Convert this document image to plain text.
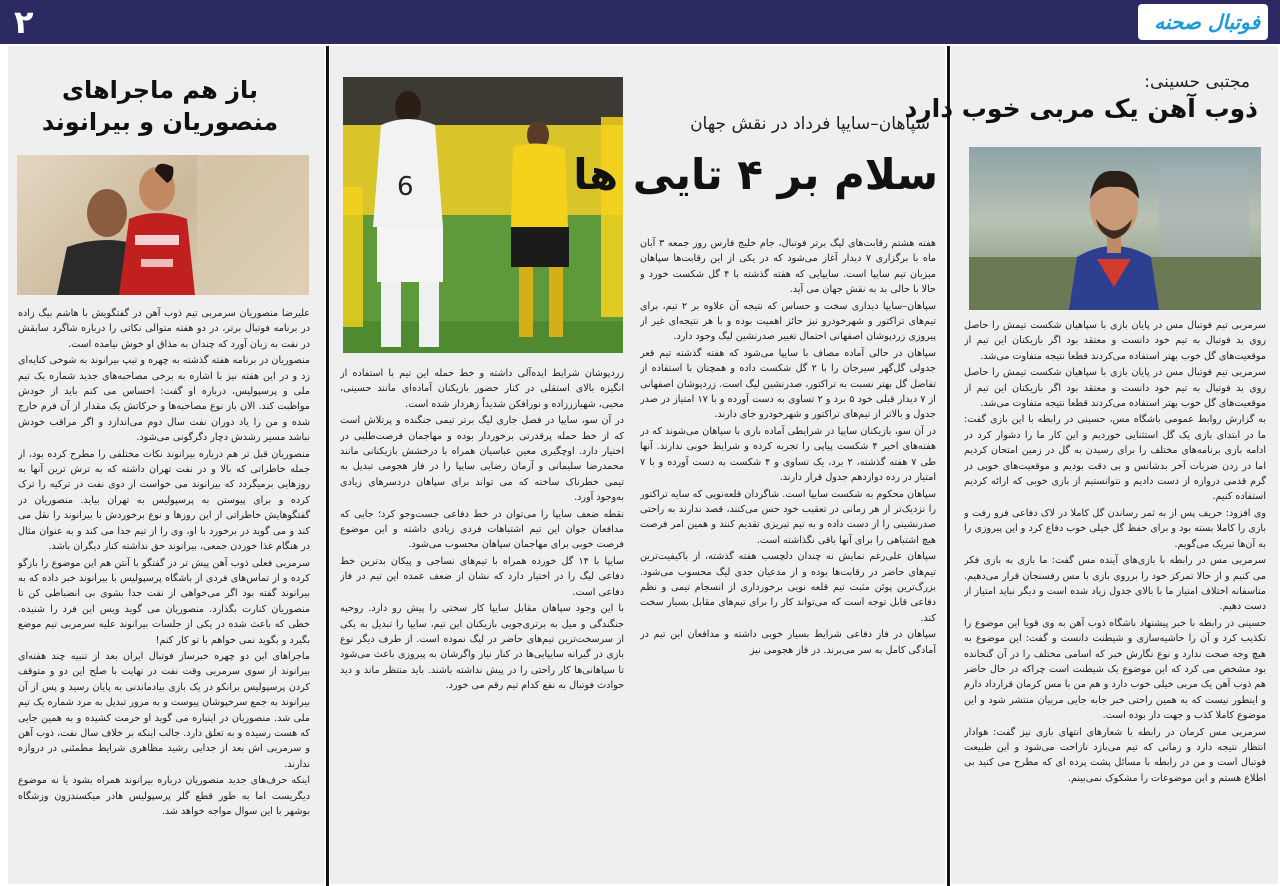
۲	فوتبال صحنه
مجتبی حسینی:
ذوب آهن یک مربی خوب دارد

سرمربی تیم فوتبال مس در پایان بازی با سپاهیان شکست تیمش را حاصل روی بد فوتبال به تیم خود دانست و معتقد بود اگر بازیکنان این تیم از موقعیت‌های گل خوب بهتر استفاده می‌کردند قطعا نتیجه متفاوت می‌شد.

سرمربی تیم فوتبال مس در پایان بازی با سپاهیان شکست تیمش را حاصل روی بد فوتبال به تیم خود دانست و معتقد بود اگر بازیکنان این تیم از موقعیت‌های گل خوب بهتر استفاده می‌کردند قطعا نتیجه متفاوت می‌شد.

به گزارش روابط عمومی باشگاه مس، حسینی در رابطه با این بازی گفت: ما در ابتدای بازی یک گل استثنایی خوردیم و این کار ما را دشوار کرد در ادامه بازی برنامه‌های مختلف را برای رسیدن به گل در زمین امتحان کردیم اما در زدن ضربات آخر بدشانس و بی دقت بودیم و موقعیت‌های خوبی در گرم قدمی دروازه از دست دادیم و نتوانستیم از بازی خوبی که ارائه کردیم استفاده کنیم.

وی افزود: حریف پس از به ثمر رساندن گل کاملا در لاک دفاعی فرو رفت و بازی را کاملا بسته بود و برای حفظ گل خیلی خوب دفاع کرد و این پیروزی را به آن‌ها تبریک می‌گویم.

سرمربی مس در رابطه با بازی‌های آینده مس گفت: ما بازی به بازی فکر می کنیم و از حالا تمرکز خود را برروی بازی با مس رفسنجان قرار می‌دهیم. متاسفانه اختلاف امتیاز ما با بالای جدول زیاد شده است و دیگر نباید امتیاز از دست دهیم.

حسینی در رابطه با خبر پیشنهاد باشگاه ذوب آهن به وی قویا این موضوع را تکذیب کرد و آن را حاشیه‌سازی و شیطنت دانست و گفت: این موضوع به هیچ وجه صحت ندارد و نوع نگارش خبر که اسامی مختلف را در آن گنجانده بود مشخص می کرد که این موضوع یک شیطنت است چراکه در حال حاضر هم ذوب آهن یک مربی خیلی خوب دارد و هم من با مس کرمان قرارداد دارم و اینطور نیست که به همین راحتی خبر جابه جایی مربیان منتشر شود و این موضوع کاملا کذب و جهت دار بوده است.

سرمربی مس کرمان در رابطه با شعارهای انتهای بازی نیز گفت: هوادار انتظار نتیجه دارد و زمانی که تیم می‌بازد ناراحت می‌شود و این طبیعت فوتبال است و من در رابطه با مسائل پشت پرده ای که مطرح می کنید بی اطلاع هستم و این موضوعات را مشکوک نمی‌بینم.

6
سپاهان–سایپا فرداد در نقش جهان
سلام بر ۴ تایی ها

هفته هشتم رقابت‌های لیگ برتر فوتبال، جام خلیج فارس روز جمعه ۳ آبان ماه با برگزاری ۷ دیدار آغاز می‌شود که در یکی از این رقابت‌ها سپاهان میزبان تیم سایپا است. سایپایی که هفته گذشته با ۴ گل شکست خورد و حالا با حالی بد به نقش جهان می آید.

سپاهان–سایپا دیداری سخت و حساس که نتیجه آن علاوه بر ۲ تیم، برای تیم‌های تراکتور و شهرخودرو نیز حائز اهمیت بوده و با هر نتیجه‌ای غیر از پیروزی زردپوشان اصفهانی احتمال تغییر صدرنشین لیگ وجود دارد.

سپاهان در حالی آماده مصاف با سایپا می‌شود که هفته گذشته تیم قعر جدولی گل‌گهر سیرجان را با ۲ گل شکست داده و همچنان با استفاده از تفاضل گل بهتر نسبت به تراکتور، صدرنشین لیگ است. زردپوشان اصفهانی از ۷ دیدار قبلی خود ۵ برد و ۲ تساوی به دست آورده و با ۱۷ امتیاز در صدر جدول و بالاتر از تیم‌های تراکتور و شهرخودرو جای دارند.

در آن سو، بازیکنان سایپا در شرایطی آماده بازی با سپاهان می‌شوند که در هفته‌های اخیر ۴ شکست پیاپی را تجربه کرده و شرایط خوبی ندارند. آنها طی ۷ هفته گذشته، ۲ برد، یک تساوی و ۴ شکست به دست آورده و با ۷ امتیاز در رده دوازدهم جدول قرار دارند.

سپاهان محکوم به شکست سایپا است. شاگردان قلعه‌نویی که سایه تراکتور را نزدیک‌تر از هر زمانی در تعقیب خود حس می‌کنند، قصد ندارند به راحتی صدرنشینی را از دست داده و به تیم تبریزی تقدیم کنند و همین امر فرصت هیچ اشتباهی را برای آنها باقی نگذاشته است.

سپاهان علی‌رغم نمایش نه چندان دلچسب هفته گذشته، از باکیفیت‌ترین تیم‌های حاضر در رقابت‌ها بوده و از مدعیان جدی لیگ محسوب می‌شود. بزرگ‌ترین پوئن مثبت تیم قلعه نویی برخورداری از انسجام تیمی و نظم دفاعی قابل توجه است که می‌تواند کار را برای تیم‌های مقابل بسیار سخت کند.

سپاهان در فاز دفاعی شرایط بسیار خوبی داشته و مدافعان این تیم در آمادگی کامل به سر می‌برند. در فاز هجومی نیز

زردپوشان شرایط ایده‌آلی داشته و خط حمله این تیم با استفاده از انگیزه بالای استقلی در کنار حضور بازیکنان آماده‌ای مانند حسینی، محبی، شهبازززاده و نورافکن شدیداً زهردار شده است.

در آن سو، سایپا در فصل جاری لیگ برتر تیمی جنگنده و پرتلاش است که از خط حمله پرقدرتی برخوردار بوده و مهاجمان فرصت‌طلبی در اختیار دارد. اوچگیری معین عباسیان همراه با درخشش بازیکنانی مانند محمدرضا سلیمانی و آرمان رضایی سایپا را در فاز هجومی تبدیل به تیمی خطرناک ساخته که می تواند برای سپاهان دردسرهای زیادی به‌وجود آورد.

نقطه ضعف سایپا را می‌توان در خط دفاعی جست‌وجو کرد؛ جایی که مدافعان جوان این تیم اشتباهات فردی زیادی داشته و این موضوع فرصت خوبی برای مهاجمان سپاهان محسوب می‌شود.

سایپا با ۱۴ گل خورده همراه با تیم‌های نساجی و پیکان بدترین خط دفاعی لیگ را در اختیار دارد که نشان از ضعف عمده این تیم در فاز دفاعی است.

با این وجود سپاهان مقابل سایپا کار سختی را پیش رو دارد. روحیه جنگندگی و میل به برتری‌جویی بازیکنان این تیم، سایپا را تبدیل به یکی از سرسخت‌ترین تیم‌های حاضر در لیگ نموده است. از طرف دیگر نوع بازی در گیرانه سایپایی‌ها در کنار نیاز واگرشان به پیروزی باعث می‌شود تا سپاهانی‌ها کار راحتی را در پیش نداشته باشند. باید منتظر ماند و دید حوادث فوتبال به نفع کدام تیم رقم می خورد.

باز هم ماجراهای
منصوریان و بیرانوند

علیرضا منصوریان سرمربی تیم ذوب آهن در گفتگویش با هاشم بیگ زاده در برنامه فوتبال برتر، در دو هفته متوالی نکاتی را درباره شاگرد سابقش در نفت به زبان آورد که چندان به مذاق او خوش نیامده است.

منصوریان در برنامه هفته گذشته به چهره و تیپ بیرانوند به شوخی کنایه‌ای زد و در این هفته نیز با اشاره به برخی مصاحبه‌های جدید شماره یک تیم ملی و پرسپولیس، درباره او گفت: احساس می کنم باید از خودش مواظبت کند. الان باز نوع مصاحبه‌ها و حرکاتش یک مقدار از آن فرم خارج شده و من را یاد دوران نفت سال دوم می‌اندازد و اگر مراقب خودش نباشد مسیر رشدش دچار دگرگونی می‌شود.

منصوریان قبل تر هم درباره بیرانوند نکات مختلفی را مطرح کرده بود، از جمله خاطراتی که بالا و در نفت تهران داشته که به ترش ترین آنها به روزهایی برمیگردد که بیرانوند می خواست از دوی نفت در ترکیه را ترک کرده و برای پیوستن به پرسپولیس به تهران بیاید. منصوریان در گفتگوهایش خاطراتی از این روزها و نوع برخوردش با بیرانوند را نقل می کند و می گوید در برخورد با او، وی را از تیم جدا می کند و به عنوان مثال در هنگام غذا خوردن جمعی، بیرانوند حق نداشته کنار دیگران باشد.

سرمربی فعلی ذوب آهن پیش تر در گفتگو با آنتن هم این موضوع را بازگو کرده و از تماس‌های فردی از باشگاه پرسپولیس با بیرانوند خبر داده که به بیرانوند گفته بود اگر می‌خواهی از نفت جدا بشوی بی انضباطی کن تا منصوریان کنارت بگذارد. منصوریان می گوید ویس این فرد را شنیده. خطی که باعث شده در یکی از جلسات بیرانوند علیه سرمربی تیم موضع بگیرد و بگوید نمی خواهم با تو کار کنم!

ماجراهای این دو چهره خبرساز فوتبال ایران بعد از تنبیه چند هفته‌ای بیرانوند از سوی سرمربی وقت نفت در نهایت با صلح این دو و متوقف کردن پرسپولیس برانکو در یک بازی بیادماندنی به پایان رسید و پس از آن بیرانوند به جمع سرخپوشان پیوست و به مرور تبدیل به مرد شماره یک تیم ملی شد. منصوریان در اینباره می گوید او حرمت کشیده و به همین جایی که هست رسیده و به تعلق دارد. جالب اینکه بر خلاف سال نفت، ذوب آهن و سرمربی اش بعد از جدایی رشید مظاهری شرایط مطمئنی در دروازه ندارند.

اینکه حرف‌های جدید منصوریان درباره بیرانوند همراه بشود یا نه موضوع دیگریست اما به طور قطع گلر پرسپولیس هادر میکسندزون وزشگاه بوشهر با این سوال مواجه خواهد شد.
